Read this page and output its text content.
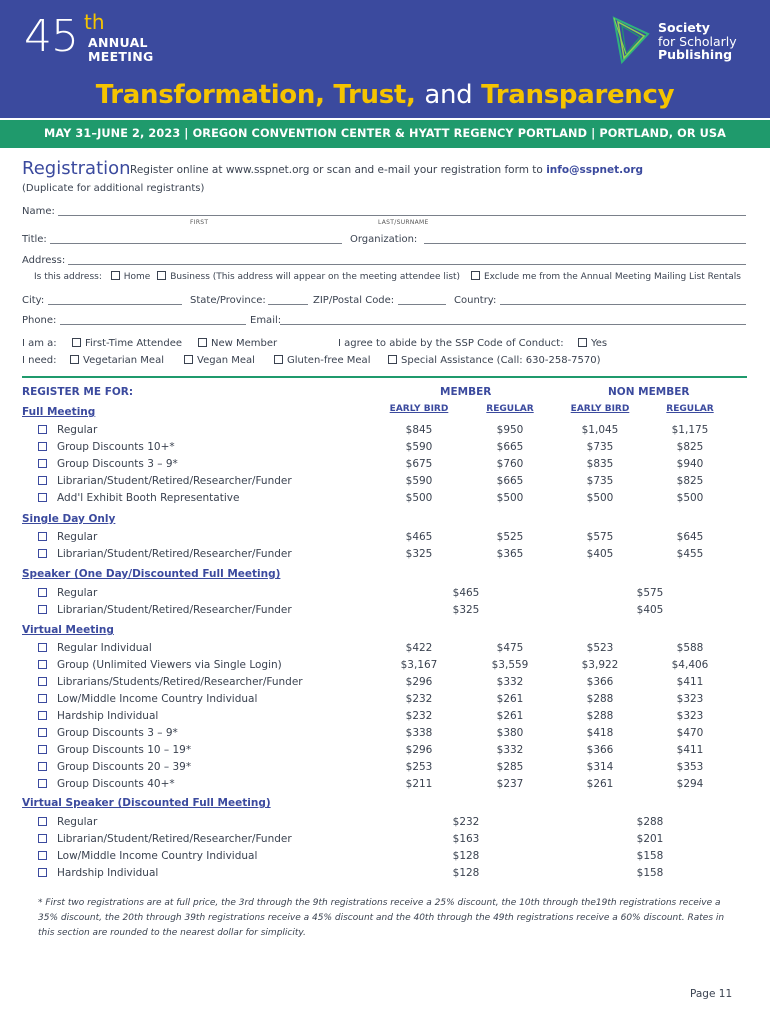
45 th
ANNUAL
MEETING
Society
for Scholarly
Publishing
Transformation, Trust, and Transparency
MAY 31–JUNE 2, 2023 | OREGON CONVENTION CENTER & HYATT REGENCY PORTLAND | PORTLAND, OR USA
Registration Register online at www.sspnet.org or scan and e-mail your registration form to info@sspnet.org
(Duplicate for additional registrants)
Name:
FIRST	LAST/SURNAME
Title:	Organization:
Address:
Is this address: Home Business (This address will appear on the meeting attendee list)	Exclude me from the Annual Meeting Mailing List Rentals
City:	State/Province:	ZIP/Postal Code:	Country:
Phone:	Email:
I am a:	First-Time Attendee	New Member	I agree to abide by the SSP Code of Conduct:	Yes
I need:	Vegetarian Meal	Vegan Meal	Gluten-free Meal	Special Assistance (Call: 630-258-7570)
REGISTER ME FOR:	MEMBER	NON MEMBER
EARLY BIRD	REGULAR	EARLY BIRD	REGULAR
Full Meeting
Regular	$845	$950	$1,045	$1,175
Group Discounts 10+*	$590	$665	$735	$825
Group Discounts 3 – 9*	$675	$760	$835	$940
Librarian/Student/Retired/Researcher/Funder	$590	$665	$735	$825
Add'l Exhibit Booth Representative	$500	$500	$500	$500
Single Day Only
Regular	$465	$525	$575	$645
Librarian/Student/Retired/Researcher/Funder	$325	$365	$405	$455
Speaker (One Day/Discounted Full Meeting)
Regular	$465	$575
Librarian/Student/Retired/Researcher/Funder	$325	$405
Virtual Meeting
Regular Individual	$422	$475	$523	$588
Group (Unlimited Viewers via Single Login)	$3,167	$3,559	$3,922	$4,406
Librarians/Students/Retired/Researcher/Funder	$296	$332	$366	$411
Low/Middle Income Country Individual	$232	$261	$288	$323
Hardship Individual	$232	$261	$288	$323
Group Discounts 3 – 9*	$338	$380	$418	$470
Group Discounts 10 – 19*	$296	$332	$366	$411
Group Discounts 20 – 39*	$253	$285	$314	$353
Group Discounts 40+*	$211	$237	$261	$294
Virtual Speaker (Discounted Full Meeting)
Regular	$232	$288
Librarian/Student/Retired/Researcher/Funder	$163	$201
Low/Middle Income Country Individual	$128	$158
Hardship Individual	$128	$158
* First two registrations are at full price, the 3rd through the 9th registrations receive a 25% discount, the 10th through the19th registrations receive a 35% discount, the 20th through 39th registrations receive a 45% discount and the 40th through the 49th registrations receive a 60% discount. Rates in this section are rounded to the nearest dollar for simplicity.
Page 11
